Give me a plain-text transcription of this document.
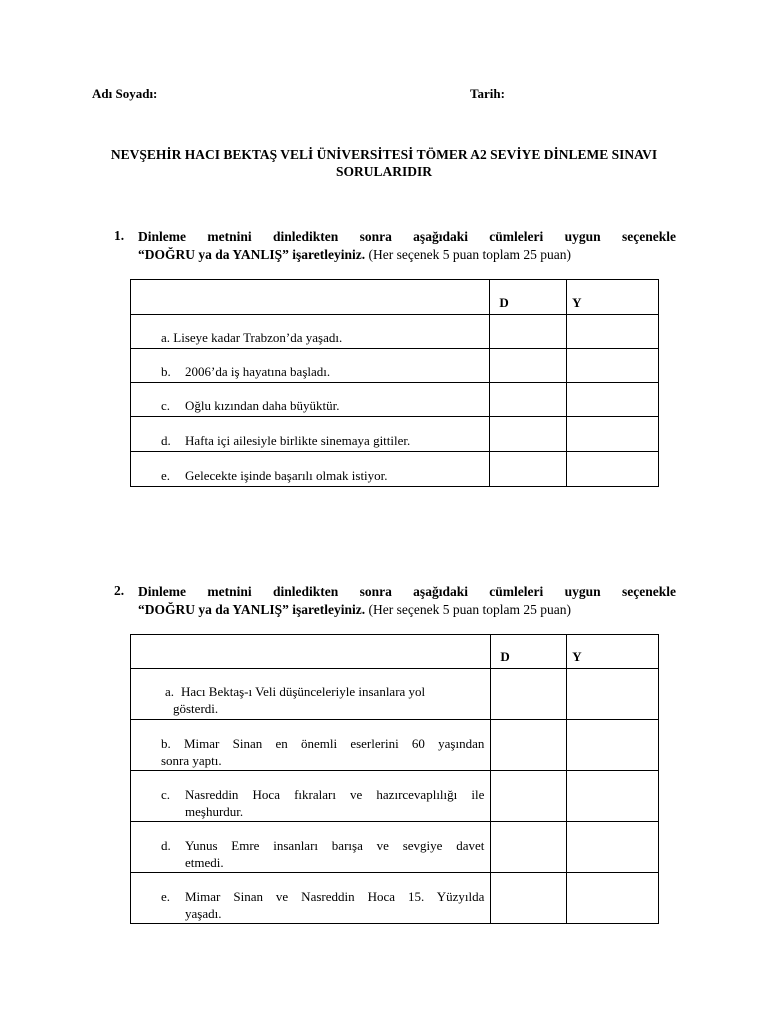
Adı Soyadı:	Tarih:
NEVŞEHİR HACI BEKTAŞ VELİ ÜNİVERSİTESİ TÖMER A2 SEVİYE DİNLEME SINAVI
SORULARIDIR
1. Dinleme metnini dinledikten sonra aşağıdaki cümleleri uygun seçenekle
“DOĞRU ya da YANLIŞ” işaretleyiniz. (Her seçenek 5 puan toplam 25 puan)
	D	Y

a. Liseye kadar Trabzon’da yaşadı.		

b. 2006’da iş hayatına başladı.		

c. Oğlu kızından daha büyüktür.		

d. Hafta içi ailesiyle birlikte sinemaya gittiler.		

e. Gelecekte işinde başarılı olmak istiyor.		

2. Dinleme metnini dinledikten sonra aşağıdaki cümleleri uygun seçenekle
“DOĞRU ya da YANLIŞ” işaretleyiniz. (Her seçenek 5 puan toplam 25 puan)
	D	Y

a. Hacı Bektaş-ı Veli düşünceleriyle insanlara yol
gösterdi.		

b. Mimar Sinan en önemli eserlerini 60 yaşından
sonra yaptı.		

c. Nasreddin Hoca fıkraları ve hazırcevaplılığı ile
meşhurdur.		

d. Yunus Emre insanları barışa ve sevgiye davet
etmedi.		

e. Mimar Sinan ve Nasreddin Hoca 15. Yüzyılda
yaşadı.		
